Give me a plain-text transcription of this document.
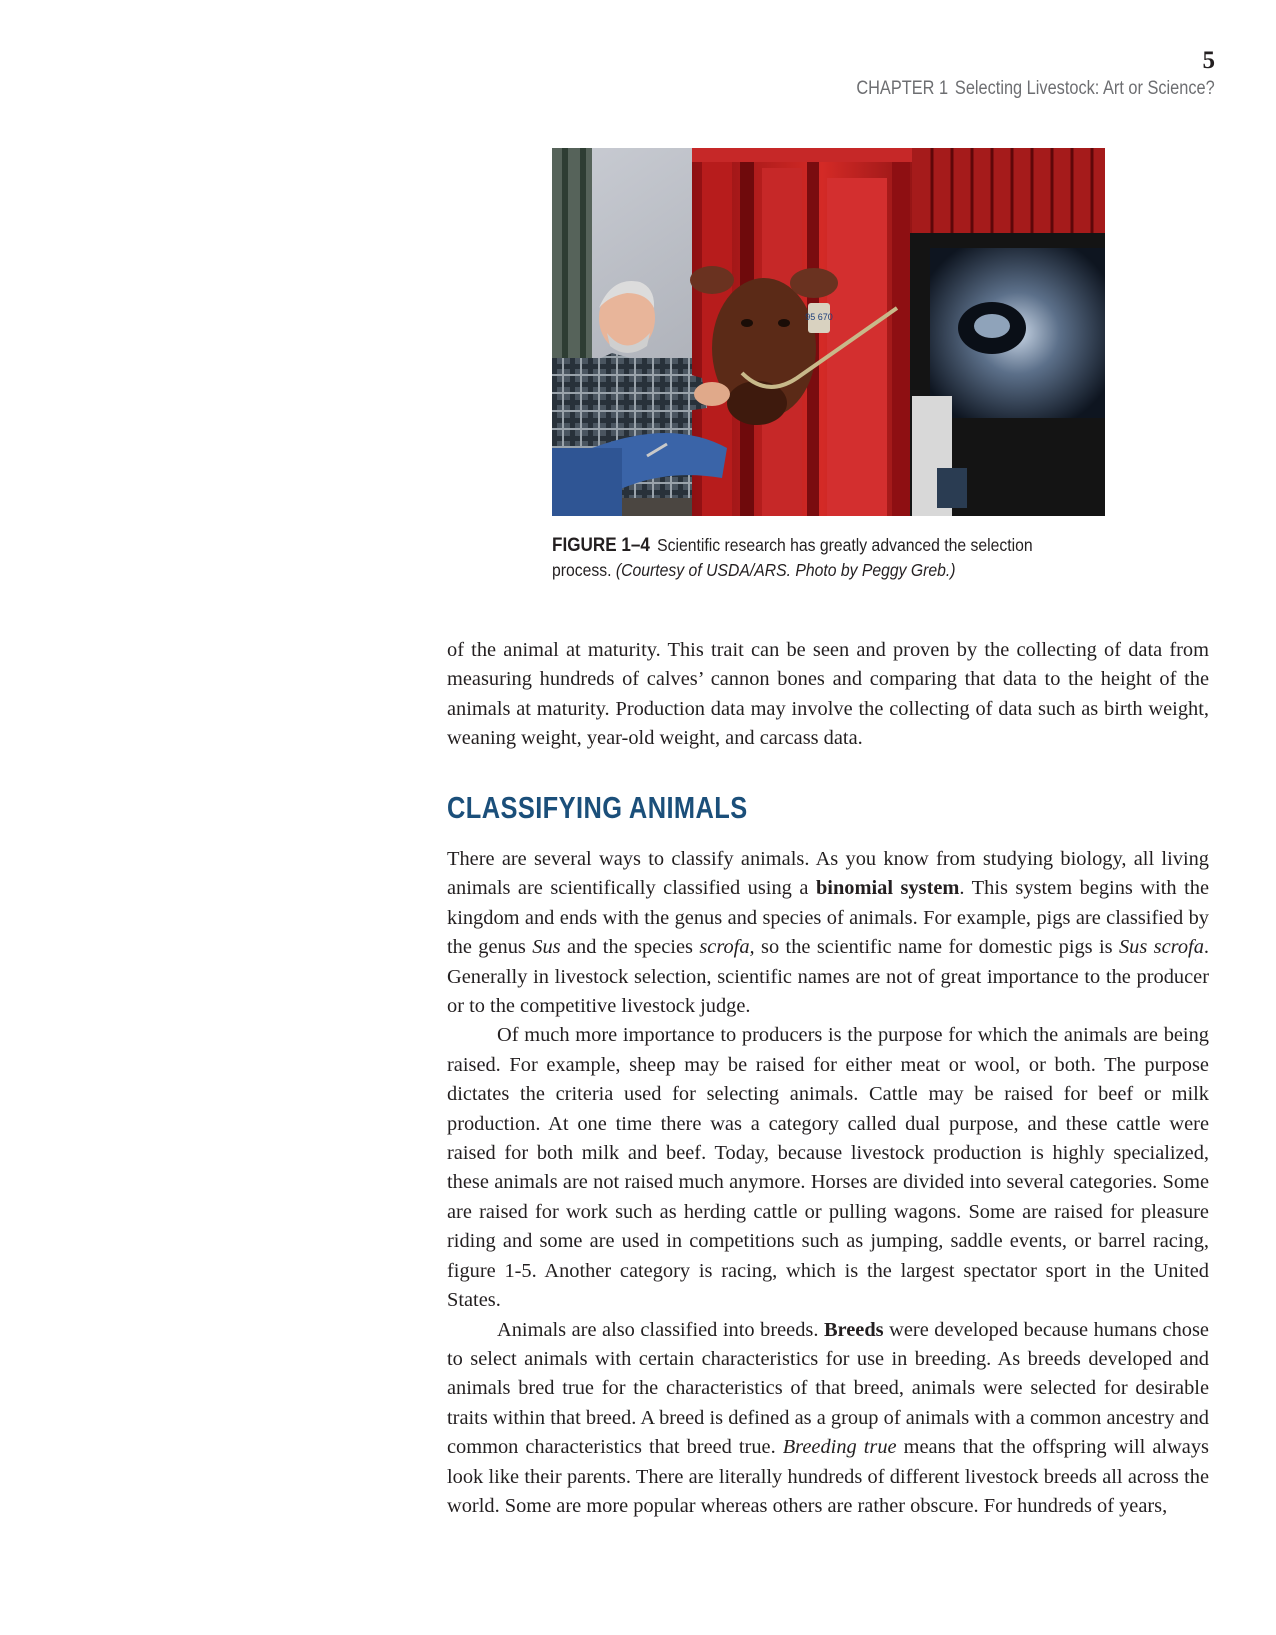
5
CHAPTER 1 Selecting Livestock: Art or Science?
95 670
FIGURE 1–4 Scientific research has greatly advanced the selection process. (Courtesy of USDA/ARS. Photo by Peggy Greb.)

of the animal at maturity. This trait can be seen and proven by the collecting of data from measuring hundreds of calves’ cannon bones and comparing that data to the height of the animals at maturity. Production data may involve the collecting of data such as birth weight, weaning weight, year-old weight, and carcass data.

CLASSIFYING ANIMALS

There are several ways to classify animals. As you know from studying biology, all living animals are scientifically classified using a binomial system. This system begins with the kingdom and ends with the genus and species of animals. For example, pigs are classified by the genus Sus and the species scrofa, so the scientific name for domestic pigs is Sus scrofa. Generally in livestock selection, scientific names are not of great importance to the producer or to the competitive livestock judge.

Of much more importance to producers is the purpose for which the animals are being raised. For example, sheep may be raised for either meat or wool, or both. The purpose dictates the criteria used for selecting animals. Cattle may be raised for beef or milk production. At one time there was a category called dual purpose, and these cattle were raised for both milk and beef. Today, because livestock production is highly specialized, these animals are not raised much anymore. Horses are divided into several categories. Some are raised for work such as herding cattle or pulling wagons. Some are raised for pleasure riding and some are used in competitions such as jumping, saddle events, or barrel racing, figure 1-5. Another category is racing, which is the largest spectator sport in the United States.

Animals are also classified into breeds. Breeds were developed because humans chose to select animals with certain characteristics for use in breeding. As breeds developed and animals bred true for the characteristics of that breed, animals were selected for desirable traits within that breed. A breed is defined as a group of animals with a common ancestry and common characteristics that breed true. Breeding true means that the offspring will always look like their parents. There are literally hundreds of different livestock breeds all across the world. Some are more popular whereas others are rather obscure. For hundreds of years,
